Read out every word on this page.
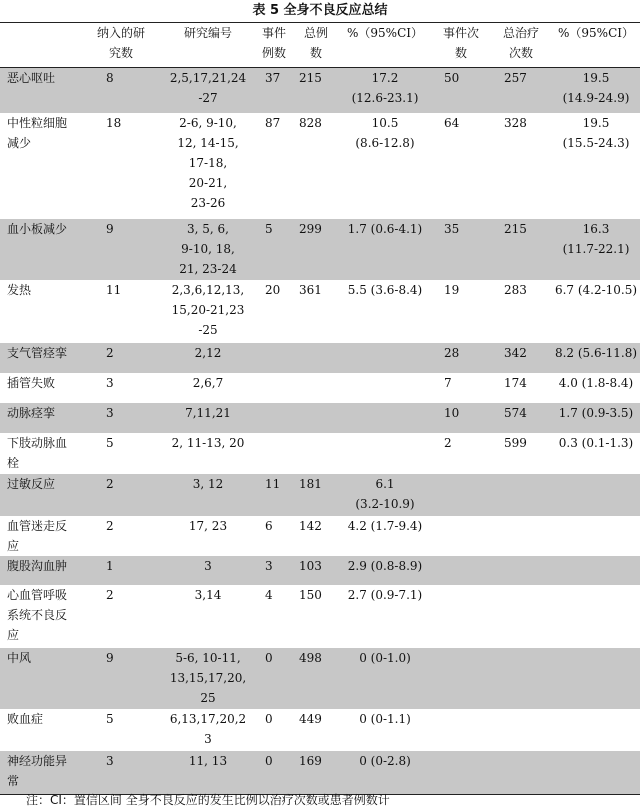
表 5 全身不良反应总结
	纳入的研
究数	研究编号	事件
例数	总例
数	%（95%CI）	事件次
数	总治疗
次数	%（95%CI）

恶心呕吐	8	2,5,17,21,24
-27	37	215	17.2
(12.6-23.1)	50	257	19.5
(14.9-24.9)

中性粒细胞
减少	18	2-6, 9-10,
12, 14-15,
17-18,
20-21,
23-26	87	828	10.5
(8.6-12.8)	64	328	19.5
(15.5-24.3)

血小板减少	9	3, 5, 6,
9-10, 18,
21, 23-24	5	299	1.7 (0.6-4.1)	35	215	16.3
(11.7-22.1)

发热	11	2,3,6,12,13,
15,20-21,23
-25	20	361	5.5 (3.6-8.4)	19	283	6.7 (4.2-10.5)

支气管痉挛	2	2,12				28	342	8.2 (5.6-11.8)

插管失败	3	2,6,7				7	174	4.0 (1.8-8.4)

动脉痉挛	3	7,11,21				10	574	1.7 (0.9-3.5)

下肢动脉血
栓	5	2, 11-13, 20				2	599	0.3 (0.1-1.3)

过敏反应	2	3, 12	11	181	6.1
(3.2-10.9)			

血管迷走反
应	2	17, 23	6	142	4.2 (1.7-9.4)			

腹股沟血肿	1	3	3	103	2.9 (0.8-8.9)			

心血管呼吸
系统不良反
应	2	3,14	4	150	2.7 (0.9-7.1)			

中风	9	5-6, 10-11,
13,15,17,20,
25	0	498	0 (0-1.0)			

败血症	5	6,13,17,20,2
3	0	449	0 (0-1.1)			

神经功能异
常	3	11, 13	0	169	0 (0-2.8)			

注：CI：置信区间 全身不良反应的发生比例以治疗次数或患者例数计
